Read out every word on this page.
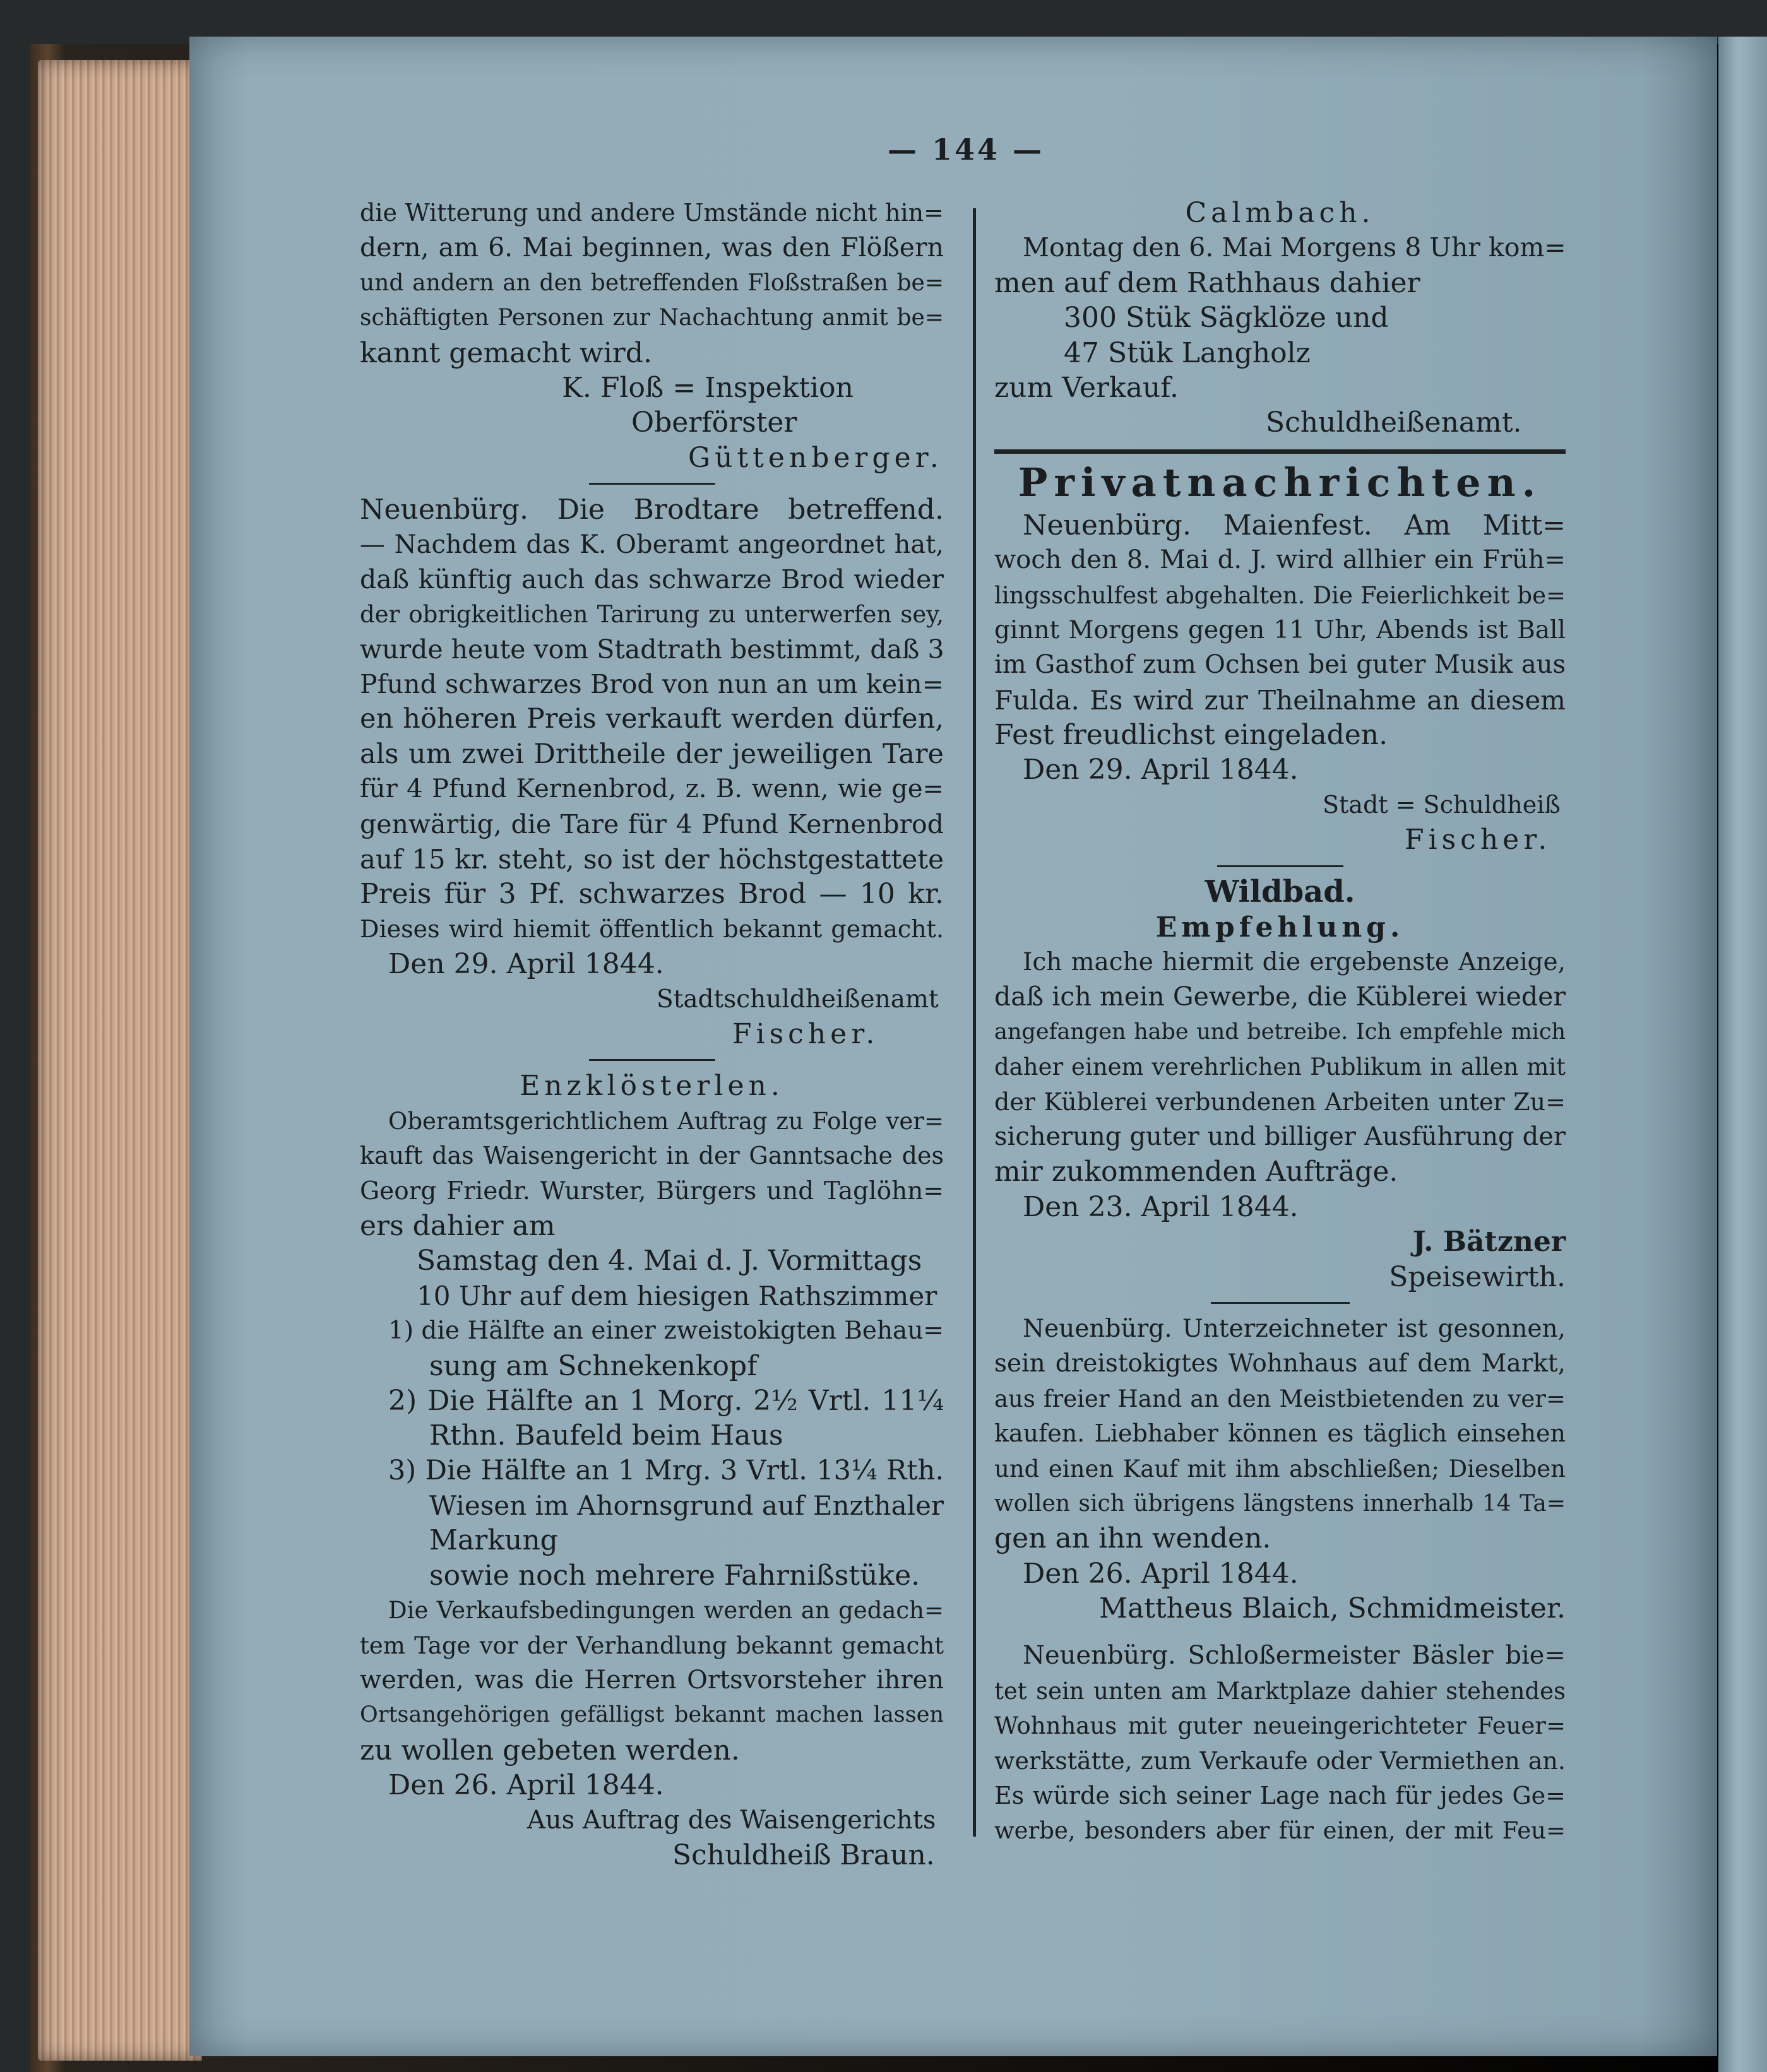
— 144 —
die Witterung und andere Umstände nicht hin=
dern, am 6. Mai beginnen, was den Flößern
und andern an den betreffenden Floßstraßen be=
schäftigten Personen zur Nachachtung anmit be=
kannt gemacht wird.
K. Floß = Inspektion
Oberförster
Güttenberger.
Neuenbürg. Die Brodtare betreffend.
— Nachdem das K. Oberamt angeordnet hat,
daß künftig auch das schwarze Brod wieder
der obrigkeitlichen Tarirung zu unterwerfen sey,
wurde heute vom Stadtrath bestimmt, daß 3
Pfund schwarzes Brod von nun an um kein=
en höheren Preis verkauft werden dürfen,
als um zwei Drittheile der jeweiligen Tare
für 4 Pfund Kernenbrod, z. B. wenn, wie ge=
genwärtig, die Tare für 4 Pfund Kernenbrod
auf 15 kr. steht, so ist der höchstgestattete
Preis für 3 Pf. schwarzes Brod — 10 kr.
Dieses wird hiemit öffentlich bekannt gemacht.
Den 29. April 1844.
Stadtschuldheißenamt
Fischer.
Enzklösterlen.
Oberamtsgerichtlichem Auftrag zu Folge ver=
kauft das Waisengericht in der Ganntsache des
Georg Friedr. Wurster, Bürgers und Taglöhn=
ers dahier am
Samstag den 4. Mai d. J. Vormittags
10 Uhr auf dem hiesigen Rathszimmer
1) die Hälfte an einer zweistokigten Behau=
sung am Schnekenkopf
2) Die Hälfte an 1 Morg. 2½ Vrtl. 11¼
Rthn. Baufeld beim Haus
3) Die Hälfte an 1 Mrg. 3 Vrtl. 13¼ Rth.
Wiesen im Ahornsgrund auf Enzthaler
Markung
sowie noch mehrere Fahrnißstüke.
Die Verkaufsbedingungen werden an gedach=
tem Tage vor der Verhandlung bekannt gemacht
werden, was die Herren Ortsvorsteher ihren
Ortsangehörigen gefälligst bekannt machen lassen
zu wollen gebeten werden.
Den 26. April 1844.
Aus Auftrag des Waisengerichts
Schuldheiß Braun.
Calmbach.
Montag den 6. Mai Morgens 8 Uhr kom=
men auf dem Rathhaus dahier
300 Stük Sägklöze und
47 Stük Langholz
zum Verkauf.
Schuldheißenamt.
Privatnachrichten.
Neuenbürg. Maienfest. Am Mitt=
woch den 8. Mai d. J. wird allhier ein Früh=
lingsschulfest abgehalten. Die Feierlichkeit be=
ginnt Morgens gegen 11 Uhr, Abends ist Ball
im Gasthof zum Ochsen bei guter Musik aus
Fulda. Es wird zur Theilnahme an diesem
Fest freudlichst eingeladen.
Den 29. April 1844.
Stadt = Schuldheiß
Fischer.
Wildbad.
Empfehlung.
Ich mache hiermit die ergebenste Anzeige,
daß ich mein Gewerbe, die Küblerei wieder
angefangen habe und betreibe. Ich empfehle mich
daher einem verehrlichen Publikum in allen mit
der Küblerei verbundenen Arbeiten unter Zu=
sicherung guter und billiger Ausführung der
mir zukommenden Aufträge.
Den 23. April 1844.
J. Bätzner
Speisewirth.
Neuenbürg. Unterzeichneter ist gesonnen,
sein dreistokigtes Wohnhaus auf dem Markt,
aus freier Hand an den Meistbietenden zu ver=
kaufen. Liebhaber können es täglich einsehen
und einen Kauf mit ihm abschließen; Dieselben
wollen sich übrigens längstens innerhalb 14 Ta=
gen an ihn wenden.
Den 26. April 1844.
Mattheus Blaich, Schmidmeister.
Neuenbürg. Schloßermeister Bäsler bie=
tet sein unten am Marktplaze dahier stehendes
Wohnhaus mit guter neueingerichteter Feuer=
werkstätte, zum Verkaufe oder Vermiethen an.
Es würde sich seiner Lage nach für jedes Ge=
werbe, besonders aber für einen, der mit Feu=
